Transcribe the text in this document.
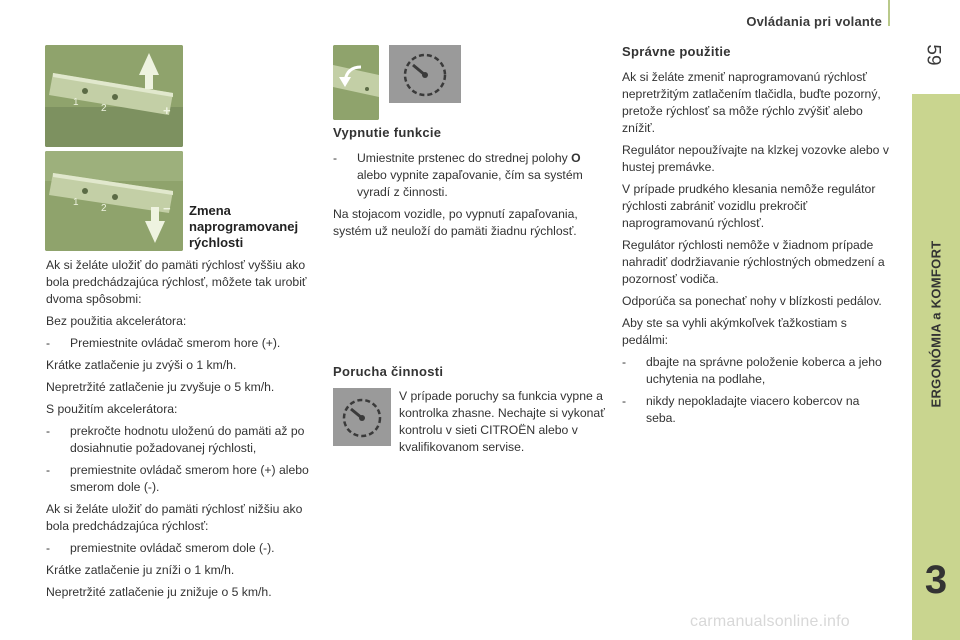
Ovládania pri volante
59
ERGONÓMIA a KOMFORT
3
+
1
2
−
1
2	Zmena
naprogramovanej
rýchlosti

Ak si želáte uložiť do pamäti rýchlosť vyššiu ako bola predchádzajúca rýchlosť, môžete tak urobiť dvoma spôsobmi:

Bez použitia akcelerátora:

- Premiestnite ovládač smerom hore (+).

Krátke zatlačenie ju zvýši o 1 km/h.

Nepretržité zatlačenie ju zvyšuje o 5 km/h.

S použitím akcelerátora:

- prekročte hodnotu uloženú do pamäti až po dosiahnutie požadovanej rýchlosti,
- premiestnite ovládač smerom hore (+) alebo smerom dole (-).

Ak si želáte uložiť do pamäti rýchlosť nižšiu ako bola predchádzajúca rýchlosť:

- premiestnite ovládač smerom dole (-).

Krátke zatlačenie ju zníži o 1 km/h.

Nepretržité zatlačenie ju znižuje o 5 km/h.

Vypnutie funkcie
- Umiestnite prstenec do strednej polohy O alebo vypnite zapaľovanie, čím sa systém vyradí z činnosti.

Na stojacom vozidle, po vypnutí zapaľovania, systém už neuloží do pamäti žiadnu rýchlosť.

Porucha činnosti
V prípade poruchy sa funkcia vypne a kontrolka zhasne. Nechajte si vykonať kontrolu v sieti CITROËN alebo v kvalifikovanom servise.
Správne použitie

Ak si želáte zmeniť naprogramovanú rýchlosť nepretržitým zatlačením tlačidla, buďte pozorný, pretože rýchlosť sa môže rýchlo zvýšiť alebo znížiť.

Regulátor nepoužívajte na klzkej vozovke alebo v hustej premávke.

V prípade prudkého klesania nemôže regulátor rýchlosti zabrániť vozidlu prekročiť naprogramovanú rýchlosť.

Regulátor rýchlosti nemôže v žiadnom prípade nahradiť dodržiavanie rýchlostných obmedzení a pozornosť vodiča.

Odporúča sa ponechať nohy v blízkosti pedálov.

Aby ste sa vyhli akýmkoľvek ťažkostiam s pedálmi:

- dbajte na správne položenie koberca a jeho uchytenia na podlahe,
- nikdy nepokladajte viacero kobercov na seba.
carmanualsonline.info
